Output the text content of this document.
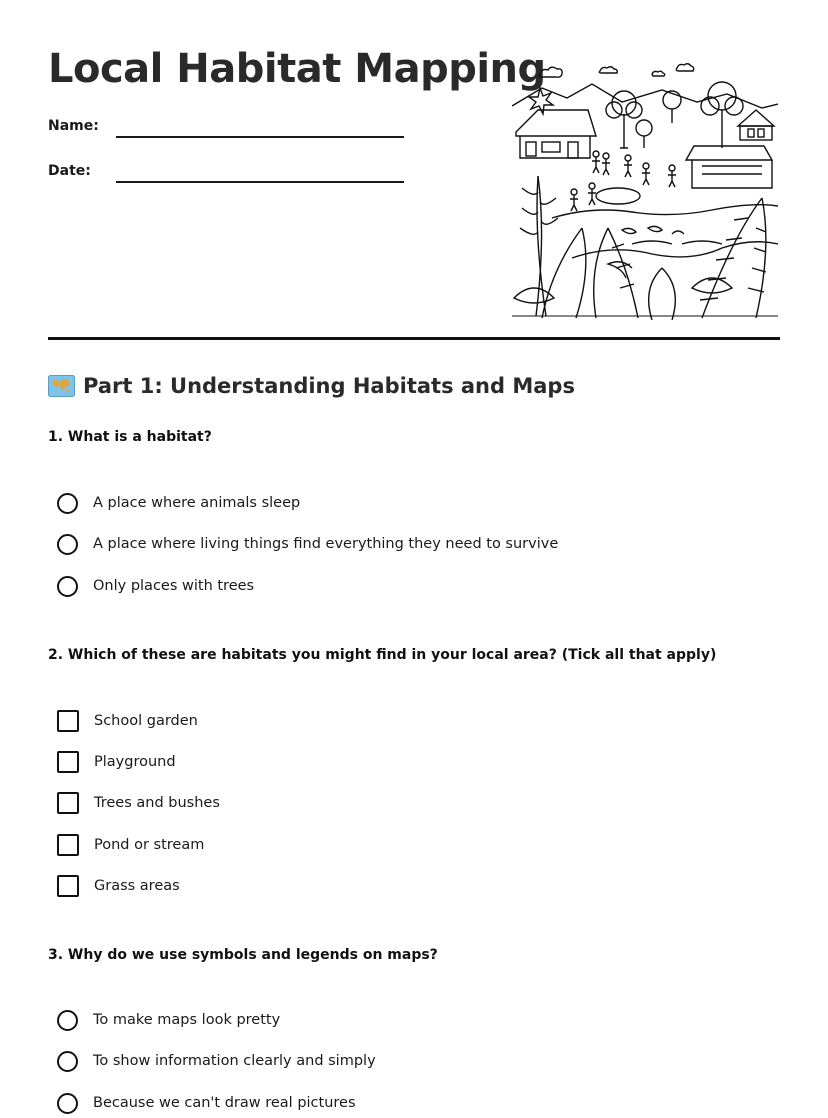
Local Habitat Mapping
Name:
Date:
Part 1: Understanding Habitats and Maps
1. What is a habitat?
A place where animals sleep
A place where living things find everything they need to survive
Only places with trees
2. Which of these are habitats you might find in your local area? (Tick all that apply)
School garden
Playground
Trees and bushes
Pond or stream
Grass areas
3. Why do we use symbols and legends on maps?
To make maps look pretty
To show information clearly and simply
Because we can't draw real pictures
